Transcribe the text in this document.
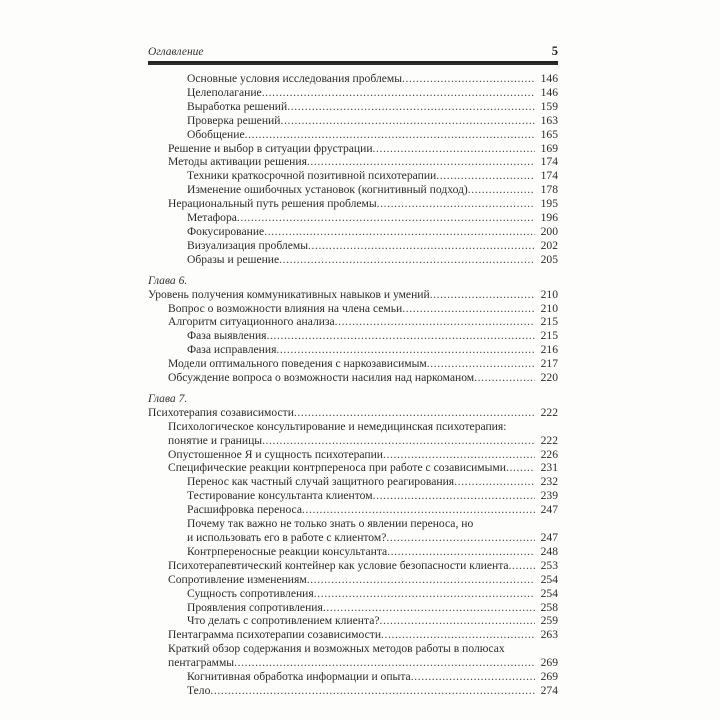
Оглавление	5
Основные условия исследования проблемы .....	146
Целеполагание .....	146
Выработка решений .....	159
Проверка решений .....	163
Обобщение .....	165
Решение и выбор в ситуации фрустрации .....	169
Методы активации решения .....	174
Техники краткосрочной позитивной психотерапии .....	174
Изменение ошибочных установок (когнитивный подход) .....	178
Нерациональный путь решения проблемы .....	195
Метафора .....	196
Фокусирование .....	200
Визуализация проблемы .....	202
Образы и решение .....	205
Глава 6.
Уровень получения коммуникативных навыков и умений .....	210
Вопрос о возможности влияния на члена семьи .....	210
Алгоритм ситуационного анализа .....	215
Фаза выявления .....	215
Фаза исправления .....	216
Модели оптимального поведения с наркозависимым .....	217
Обсуждение вопроса о возможности насилия над наркоманом .....	220
Глава 7.
Психотерапия созависимости .....	222
Психологическое консультирование и немедицинская психотерапия:
понятие и границы .....	222
Опустошенное Я и сущность психотерапии .....	226
Специфические реакции контрпереноса при работе с созависимыми .....	231
Перенос как частный случай защитного реагирования .....	232
Тестирование консультанта клиентом .....	239
Расшифровка переноса .....	247
Почему так важно не только знать о явлении переноса, но
и использовать его в работе с клиентом? .....	247
Контрпереносные реакции консультанта .....	248
Психотерапевтический контейнер как условие безопасности клиента .....	253
Сопротивление изменениям .....	254
Сущность сопротивления .....	254
Проявления сопротивления .....	258
Что делать с сопротивлением клиента? .....	259
Пентаграмма психотерапии созависимости .....	263
Краткий обзор содержания и возможных методов работы в полюсах
пентаграммы .....	269
Когнитивная обработка информации и опыта .....	269
Тело .....	274
